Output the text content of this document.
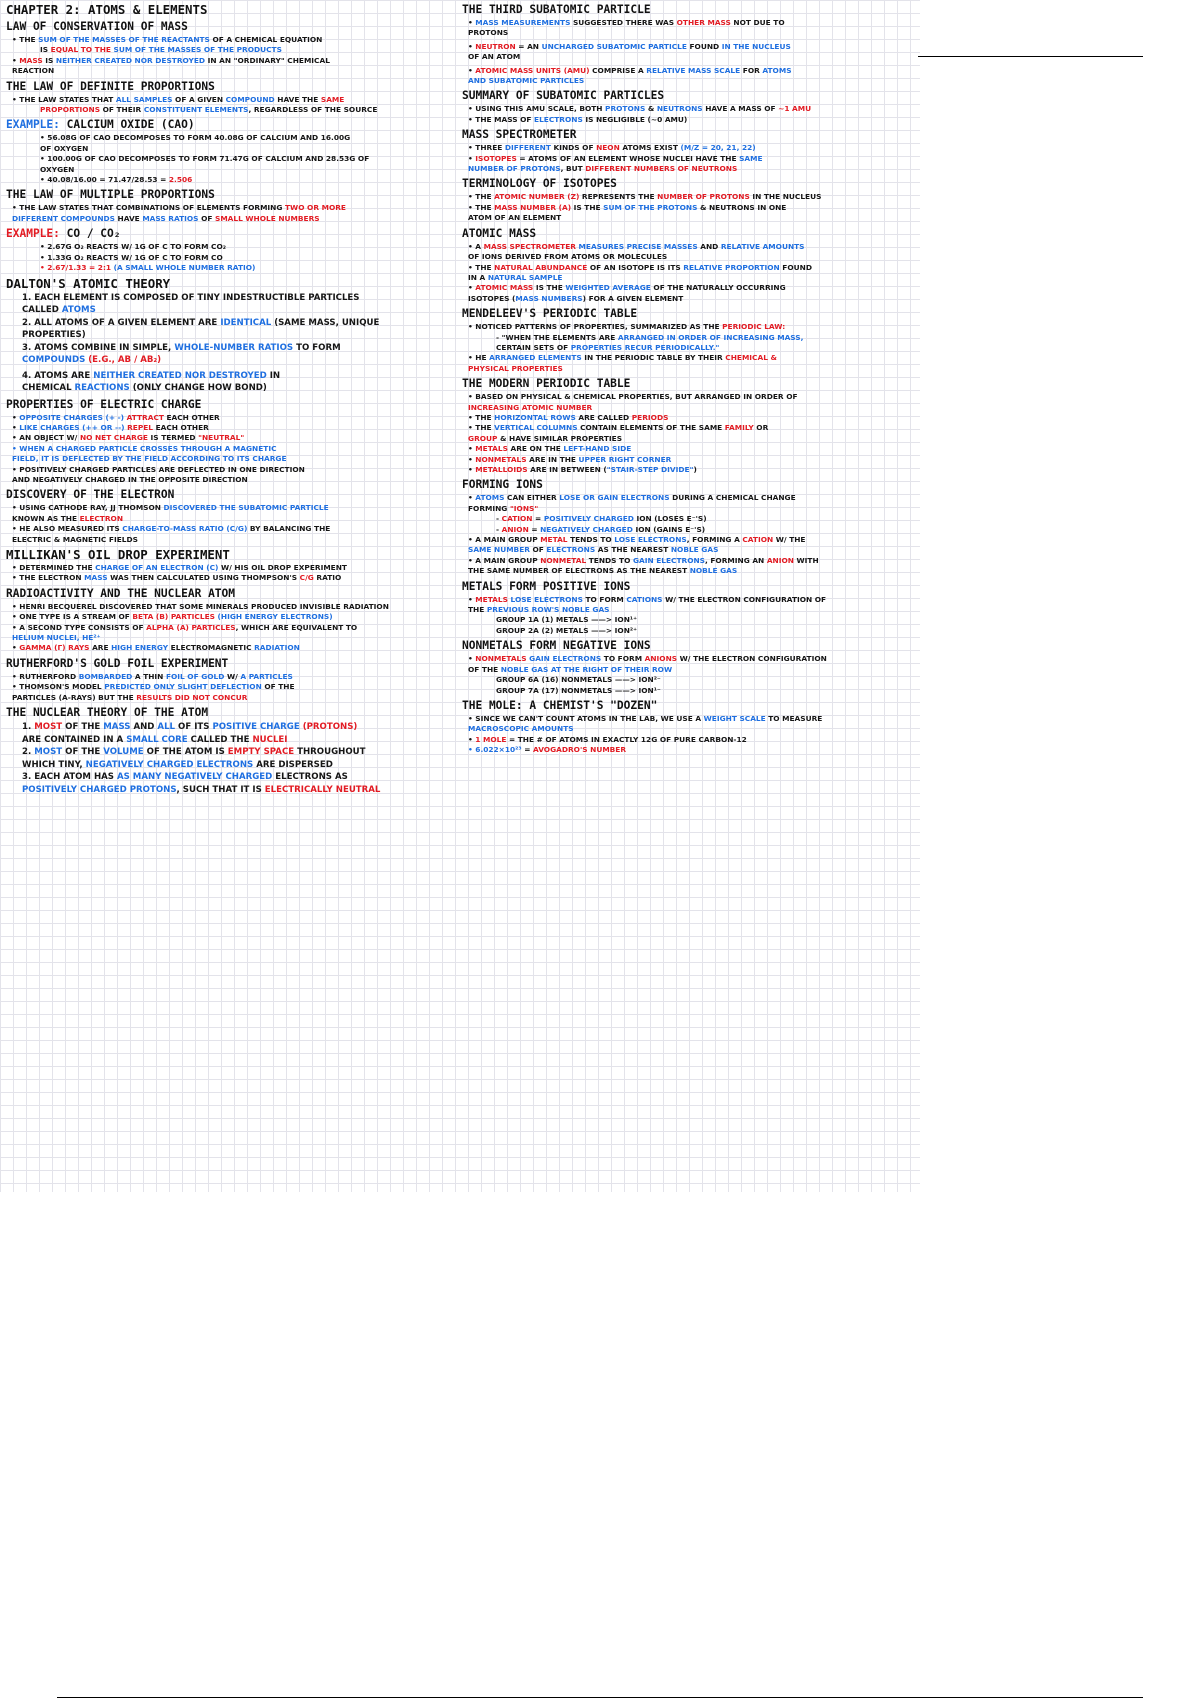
CHAPTER 2: ATOMS & ELEMENTS
LAW OF CONSERVATION OF MASS
• THE SUM OF THE MASSES OF THE REACTANTS OF A CHEMICAL EQUATION
IS EQUAL TO THE SUM OF THE MASSES OF THE PRODUCTS
• MASS IS NEITHER CREATED NOR DESTROYED IN AN "ORDINARY" CHEMICAL
REACTION
THE LAW OF DEFINITE PROPORTIONS
• THE LAW STATES THAT ALL SAMPLES OF A GIVEN COMPOUND HAVE THE SAME
PROPORTIONS OF THEIR CONSTITUENT ELEMENTS, REGARDLESS OF THE SOURCE
EXAMPLE: CALCIUM OXIDE (CAO)
• 56.08G OF CAO DECOMPOSES TO FORM 40.08G OF CALCIUM AND 16.00G
OF OXYGEN
• 100.00G OF CAO DECOMPOSES TO FORM 71.47G OF CALCIUM AND 28.53G OF
OXYGEN
• 40.08/16.00 = 71.47/28.53 = 2.506
THE LAW OF MULTIPLE PROPORTIONS
• THE LAW STATES THAT COMBINATIONS OF ELEMENTS FORMING TWO OR MORE
DIFFERENT COMPOUNDS HAVE MASS RATIOS OF SMALL WHOLE NUMBERS
EXAMPLE: CO / CO₂
• 2.67G O₂ REACTS W/ 1G OF C TO FORM CO₂
• 1.33G O₂ REACTS W/ 1G OF C TO FORM CO
• 2.67/1.33 = 2:1 (A SMALL WHOLE NUMBER RATIO)
DALTON'S ATOMIC THEORY
1. EACH ELEMENT IS COMPOSED OF TINY INDESTRUCTIBLE PARTICLES
CALLED ATOMS
2. ALL ATOMS OF A GIVEN ELEMENT ARE IDENTICAL (SAME MASS, UNIQUE
PROPERTIES)
3. ATOMS COMBINE IN SIMPLE, WHOLE-NUMBER RATIOS TO FORM
COMPOUNDS (E.G., AB / AB₂)
4. ATOMS ARE NEITHER CREATED NOR DESTROYED IN
CHEMICAL REACTIONS (ONLY CHANGE HOW BOND)
PROPERTIES OF ELECTRIC CHARGE
• OPPOSITE CHARGES (+ -) ATTRACT EACH OTHER
• LIKE CHARGES (++ OR --) REPEL EACH OTHER
• AN OBJECT W/ NO NET CHARGE IS TERMED "NEUTRAL"
• WHEN A CHARGED PARTICLE CROSSES THROUGH A MAGNETIC
FIELD, IT IS DEFLECTED BY THE FIELD ACCORDING TO ITS CHARGE
• POSITIVELY CHARGED PARTICLES ARE DEFLECTED IN ONE DIRECTION
AND NEGATIVELY CHARGED IN THE OPPOSITE DIRECTION
DISCOVERY OF THE ELECTRON
• USING CATHODE RAY, JJ THOMSON DISCOVERED THE SUBATOMIC PARTICLE
KNOWN AS THE ELECTRON
• HE ALSO MEASURED ITS CHARGE-TO-MASS RATIO (C/G) BY BALANCING THE
ELECTRIC & MAGNETIC FIELDS
MILLIKAN'S OIL DROP EXPERIMENT
• DETERMINED THE CHARGE OF AN ELECTRON (C) W/ HIS OIL DROP EXPERIMENT
• THE ELECTRON MASS WAS THEN CALCULATED USING THOMPSON'S C/G RATIO
RADIOACTIVITY AND THE NUCLEAR ATOM
• HENRI BECQUEREL DISCOVERED THAT SOME MINERALS PRODUCED INVISIBLE RADIATION
• ONE TYPE IS A STREAM OF BETA (Β) PARTICLES (HIGH ENERGY ELECTRONS)
• A SECOND TYPE CONSISTS OF ALPHA (Α) PARTICLES, WHICH ARE EQUIVALENT TO
HELIUM NUCLEI, HE²⁺
• GAMMA (Γ) RAYS ARE HIGH ENERGY ELECTROMAGNETIC RADIATION
RUTHERFORD'S GOLD FOIL EXPERIMENT
• RUTHERFORD BOMBARDED A THIN FOIL OF GOLD W/ Α PARTICLES
• THOMSON'S MODEL PREDICTED ONLY SLIGHT DEFLECTION OF THE
PARTICLES (Α-RAYS) BUT THE RESULTS DID NOT CONCUR
THE NUCLEAR THEORY OF THE ATOM
1. MOST OF THE MASS AND ALL OF ITS POSITIVE CHARGE (PROTONS)
ARE CONTAINED IN A SMALL CORE CALLED THE NUCLEI
2. MOST OF THE VOLUME OF THE ATOM IS EMPTY SPACE THROUGHOUT
WHICH TINY, NEGATIVELY CHARGED ELECTRONS ARE DISPERSED
3. EACH ATOM HAS AS MANY NEGATIVELY CHARGED ELECTRONS AS
POSITIVELY CHARGED PROTONS, SUCH THAT IT IS ELECTRICALLY NEUTRAL
THE THIRD SUBATOMIC PARTICLE
• MASS MEASUREMENTS SUGGESTED THERE WAS OTHER MASS NOT DUE TO
PROTONS
• NEUTRON = AN UNCHARGED SUBATOMIC PARTICLE FOUND IN THE NUCLEUS
OF AN ATOM
• ATOMIC MASS UNITS (AMU) COMPRISE A RELATIVE MASS SCALE FOR ATOMS
AND SUBATOMIC PARTICLES
SUMMARY OF SUBATOMIC PARTICLES
• USING THIS AMU SCALE, BOTH PROTONS & NEUTRONS HAVE A MASS OF ~1 AMU
• THE MASS OF ELECTRONS IS NEGLIGIBLE (~0 AMU)
MASS SPECTROMETER
• THREE DIFFERENT KINDS OF NEON ATOMS EXIST (M/Z = 20, 21, 22)
• ISOTOPES = ATOMS OF AN ELEMENT WHOSE NUCLEI HAVE THE SAME
NUMBER OF PROTONS, BUT DIFFERENT NUMBERS OF NEUTRONS
TERMINOLOGY OF ISOTOPES
• THE ATOMIC NUMBER (Z) REPRESENTS THE NUMBER OF PROTONS IN THE NUCLEUS
• THE MASS NUMBER (A) IS THE SUM OF THE PROTONS & NEUTRONS IN ONE
ATOM OF AN ELEMENT
ATOMIC MASS
• A MASS SPECTROMETER MEASURES PRECISE MASSES AND RELATIVE AMOUNTS
OF IONS DERIVED FROM ATOMS OR MOLECULES
• THE NATURAL ABUNDANCE OF AN ISOTOPE IS ITS RELATIVE PROPORTION FOUND
IN A NATURAL SAMPLE
• ATOMIC MASS IS THE WEIGHTED AVERAGE OF THE NATURALLY OCCURRING
ISOTOPES (MASS NUMBERS) FOR A GIVEN ELEMENT
MENDELEEV'S PERIODIC TABLE
• NOTICED PATTERNS OF PROPERTIES, SUMMARIZED AS THE PERIODIC LAW:
- "WHEN THE ELEMENTS ARE ARRANGED IN ORDER OF INCREASING MASS,
CERTAIN SETS OF PROPERTIES RECUR PERIODICALLY."
• HE ARRANGED ELEMENTS IN THE PERIODIC TABLE BY THEIR CHEMICAL &
PHYSICAL PROPERTIES
THE MODERN PERIODIC TABLE
• BASED ON PHYSICAL & CHEMICAL PROPERTIES, BUT ARRANGED IN ORDER OF
INCREASING ATOMIC NUMBER
• THE HORIZONTAL ROWS ARE CALLED PERIODS
• THE VERTICAL COLUMNS CONTAIN ELEMENTS OF THE SAME FAMILY OR
GROUP & HAVE SIMILAR PROPERTIES
• METALS ARE ON THE LEFT-HAND SIDE
• NONMETALS ARE IN THE UPPER RIGHT CORNER
• METALLOIDS ARE IN BETWEEN ("STAIR-STEP DIVIDE")
FORMING IONS
• ATOMS CAN EITHER LOSE OR GAIN ELECTRONS DURING A CHEMICAL CHANGE
FORMING "IONS"
- CATION = POSITIVELY CHARGED ION (LOSES E⁻'S)
- ANION = NEGATIVELY CHARGED ION (GAINS E⁻'S)
• A MAIN GROUP METAL TENDS TO LOSE ELECTRONS, FORMING A CATION W/ THE
SAME NUMBER OF ELECTRONS AS THE NEAREST NOBLE GAS
• A MAIN GROUP NONMETAL TENDS TO GAIN ELECTRONS, FORMING AN ANION WITH
THE SAME NUMBER OF ELECTRONS AS THE NEAREST NOBLE GAS
METALS FORM POSITIVE IONS
• METALS LOSE ELECTRONS TO FORM CATIONS W/ THE ELECTRON CONFIGURATION OF
THE PREVIOUS ROW'S NOBLE GAS
GROUP 1A (1) METALS ——> ION¹⁺
GROUP 2A (2) METALS ——> ION²⁺
NONMETALS FORM NEGATIVE IONS
• NONMETALS GAIN ELECTRONS TO FORM ANIONS W/ THE ELECTRON CONFIGURATION
OF THE NOBLE GAS AT THE RIGHT OF THEIR ROW
GROUP 6A (16) NONMETALS ——> ION²⁻
GROUP 7A (17) NONMETALS ——> ION¹⁻
THE MOLE: A CHEMIST'S "DOZEN"
• SINCE WE CAN'T COUNT ATOMS IN THE LAB, WE USE A WEIGHT SCALE TO MEASURE
MACROSCOPIC AMOUNTS
• 1 MOLE = THE # OF ATOMS IN EXACTLY 12G OF PURE CARBON-12
• 6.022×10²³ = AVOGADRO'S NUMBER
